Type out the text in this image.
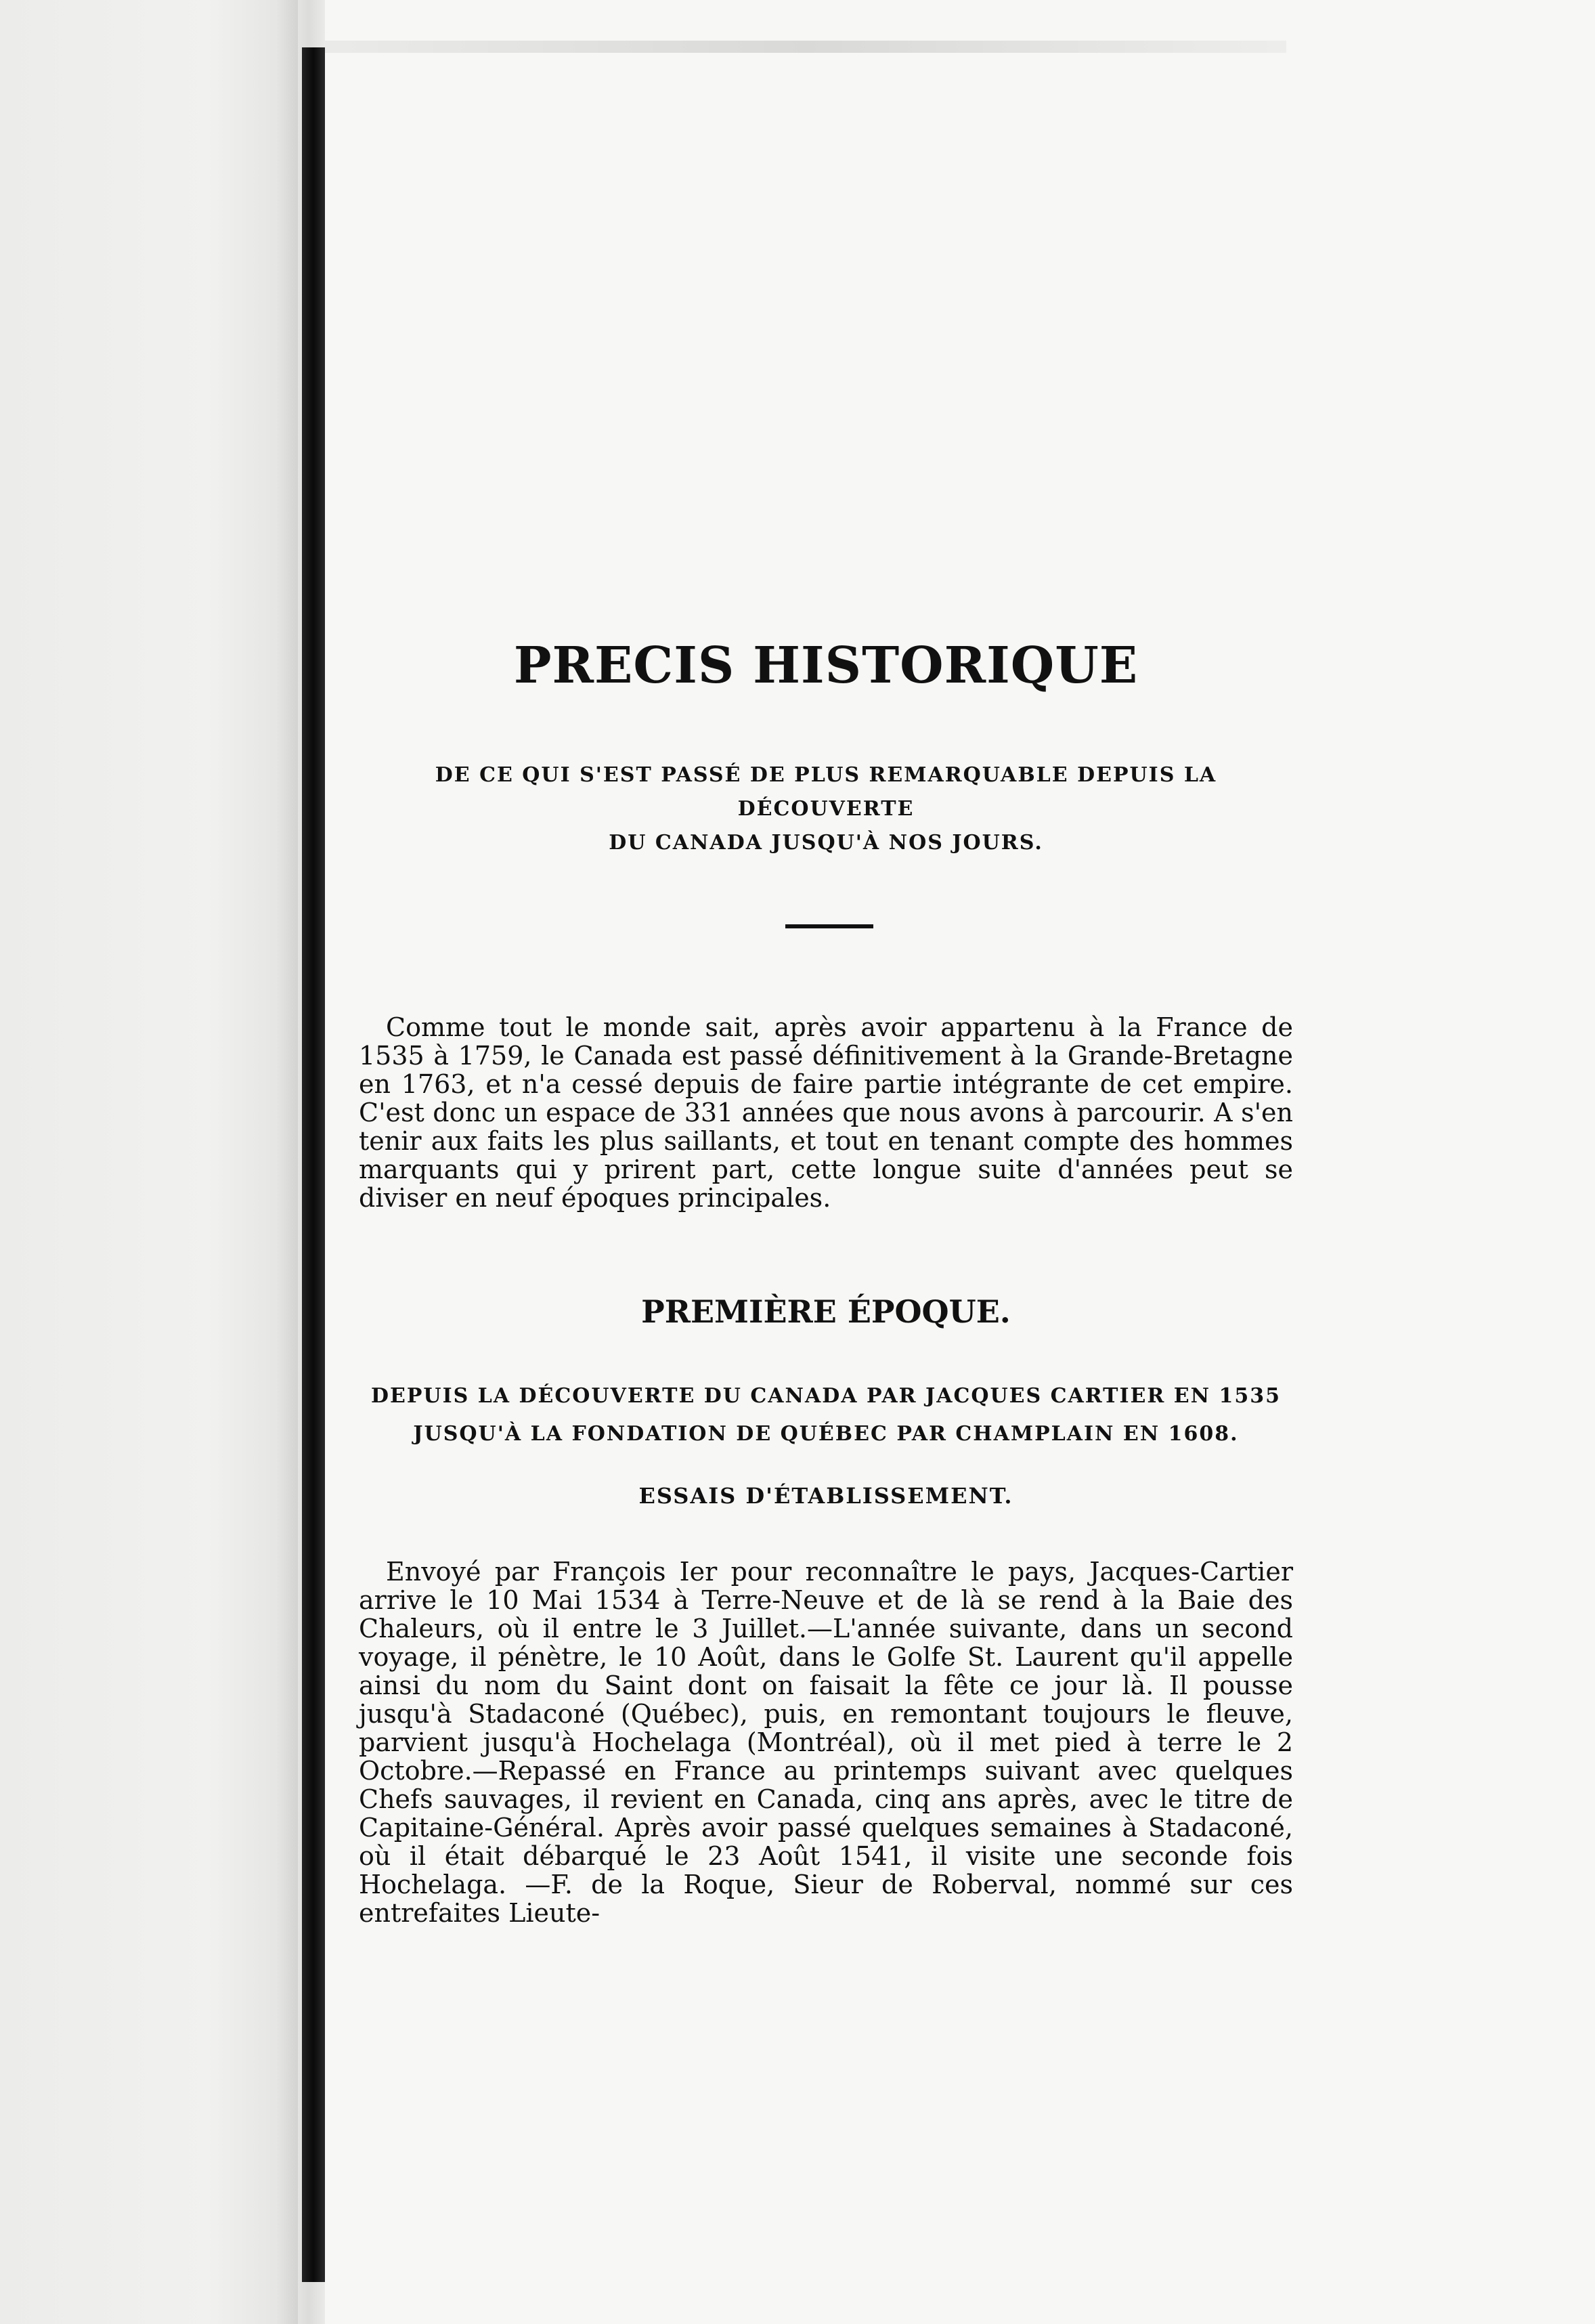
PRECIS HISTORIQUE
DE CE QUI S'EST PASSÉ DE PLUS REMARQUABLE DEPUIS LA DÉCOUVERTE
DU CANADA JUSQU'À NOS JOURS.

Comme tout le monde sait, après avoir appartenu à la France de 1535 à 1759, le Canada est passé définitivement à la Grande-Bretagne en 1763, et n'a cessé depuis de faire partie intégrante de cet empire. C'est donc un espace de 331 années que nous avons à parcourir. A s'en tenir aux faits les plus saillants, et tout en tenant compte des hommes marquants qui y prirent part, cette longue suite d'années peut se diviser en neuf époques principales.

PREMIÈRE ÉPOQUE.
DEPUIS LA DÉCOUVERTE DU CANADA PAR JACQUES CARTIER EN 1535
JUSQU'À LA FONDATION DE QUÉBEC PAR CHAMPLAIN EN 1608.
ESSAIS D'ÉTABLISSEMENT.

Envoyé par François Ier pour reconnaître le pays, Jacques-Cartier arrive le 10 Mai 1534 à Terre-Neuve et de là se rend à la Baie des Chaleurs, où il entre le 3 Juillet.—L'année suivante, dans un second voyage, il pénètre, le 10 Août, dans le Golfe St. Laurent qu'il appelle ainsi du nom du Saint dont on faisait la fête ce jour là. Il pousse jusqu'à Stadaconé (Québec), puis, en remontant toujours le fleuve, parvient jusqu'à Hochelaga (Montréal), où il met pied à terre le 2 Octobre.—Repassé en France au printemps suivant avec quelques Chefs sauvages, il revient en Canada, cinq ans après, avec le titre de Capitaine-Général. Après avoir passé quelques semaines à Stadaconé, où il était débarqué le 23 Août 1541, il visite une seconde fois Hochelaga. —F. de la Roque, Sieur de Roberval, nommé sur ces entrefaites Lieute-
